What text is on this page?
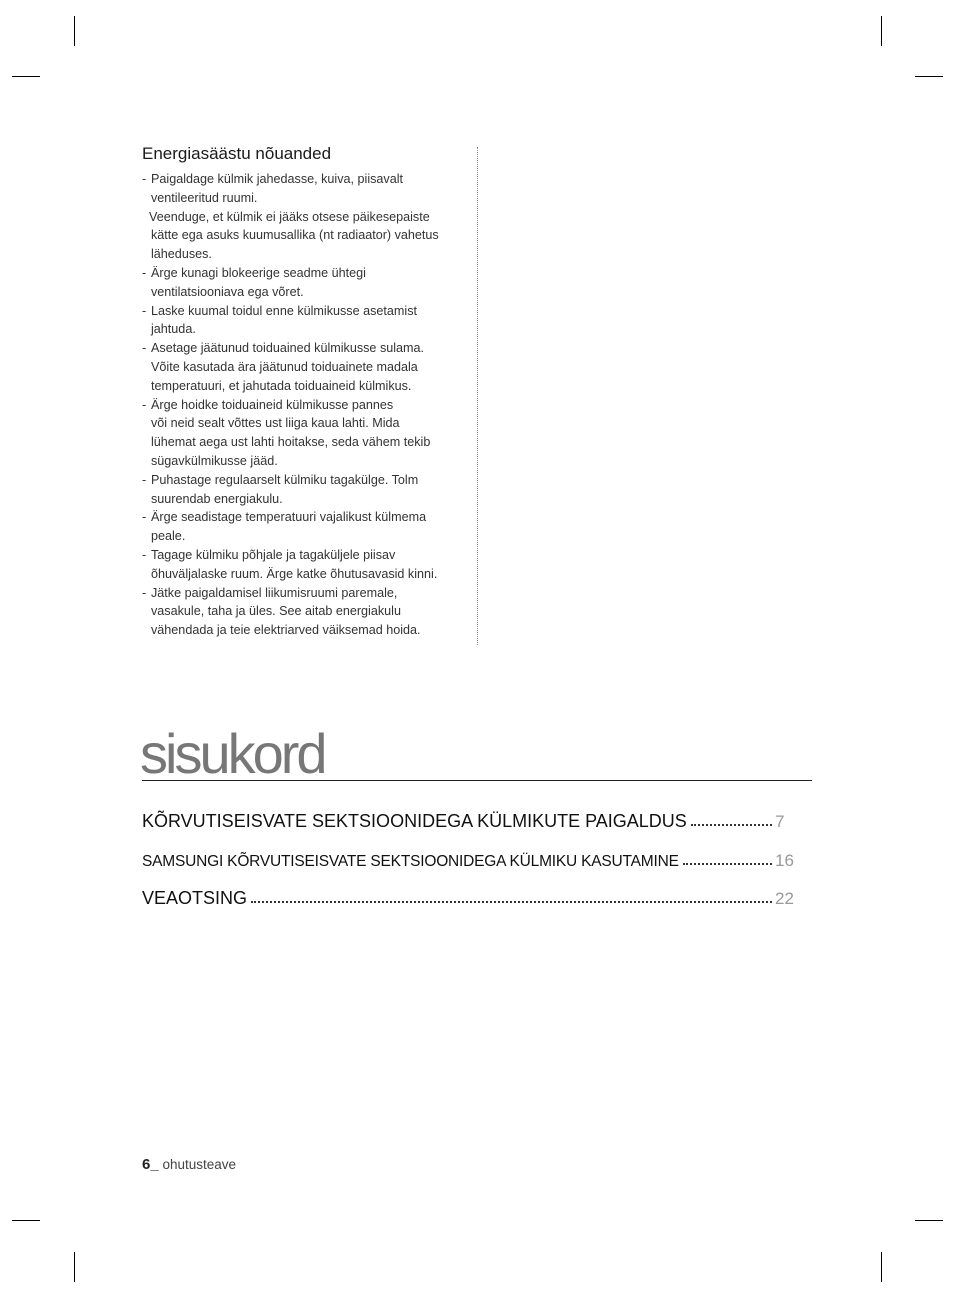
Energiasäästu nõuanded
- Paigaldage külmik jahedasse, kuiva, piisavalt
ventileeritud ruumi.
Veenduge, et külmik ei jääks otsese päikesepaiste
kätte ega asuks kuumusallika (nt radiaator) vahetus
läheduses.
- Ärge kunagi blokeerige seadme ühtegi
ventilatsiooniava ega võret.
- Laske kuumal toidul enne külmikusse asetamist
jahtuda.
- Asetage jäätunud toiduained külmikusse sulama.
Võite kasutada ära jäätunud toiduainete madala
temperatuuri, et jahutada toiduaineid külmikus.
- Ärge hoidke toiduaineid külmikusse pannes
või neid sealt võttes ust liiga kaua lahti. Mida
lühemat aega ust lahti hoitakse, seda vähem tekib
sügavkülmikusse jääd.
- Puhastage regulaarselt külmiku tagakülge. Tolm
suurendab energiakulu.
- Ärge seadistage temperatuuri vajalikust külmema
peale.
- Tagage külmiku põhjale ja tagaküljele piisav
õhuväljalaske ruum. Ärge katke õhutusavasid kinni.
- Jätke paigaldamisel liikumisruumi paremale,
vasakule, taha ja üles. See aitab energiakulu
vähendada ja teie elektriarved väiksemad hoida.
sisukord
KÕRVUTISEISVATE SEKTSIOONIDEGA KÜLMIKUTE PAIGALDUS	7
SAMSUNGI KÕRVUTISEISVATE SEKTSIOONIDEGA KÜLMIKU KASUTAMINE	16
VEAOTSING	22
6_ ohutusteave
